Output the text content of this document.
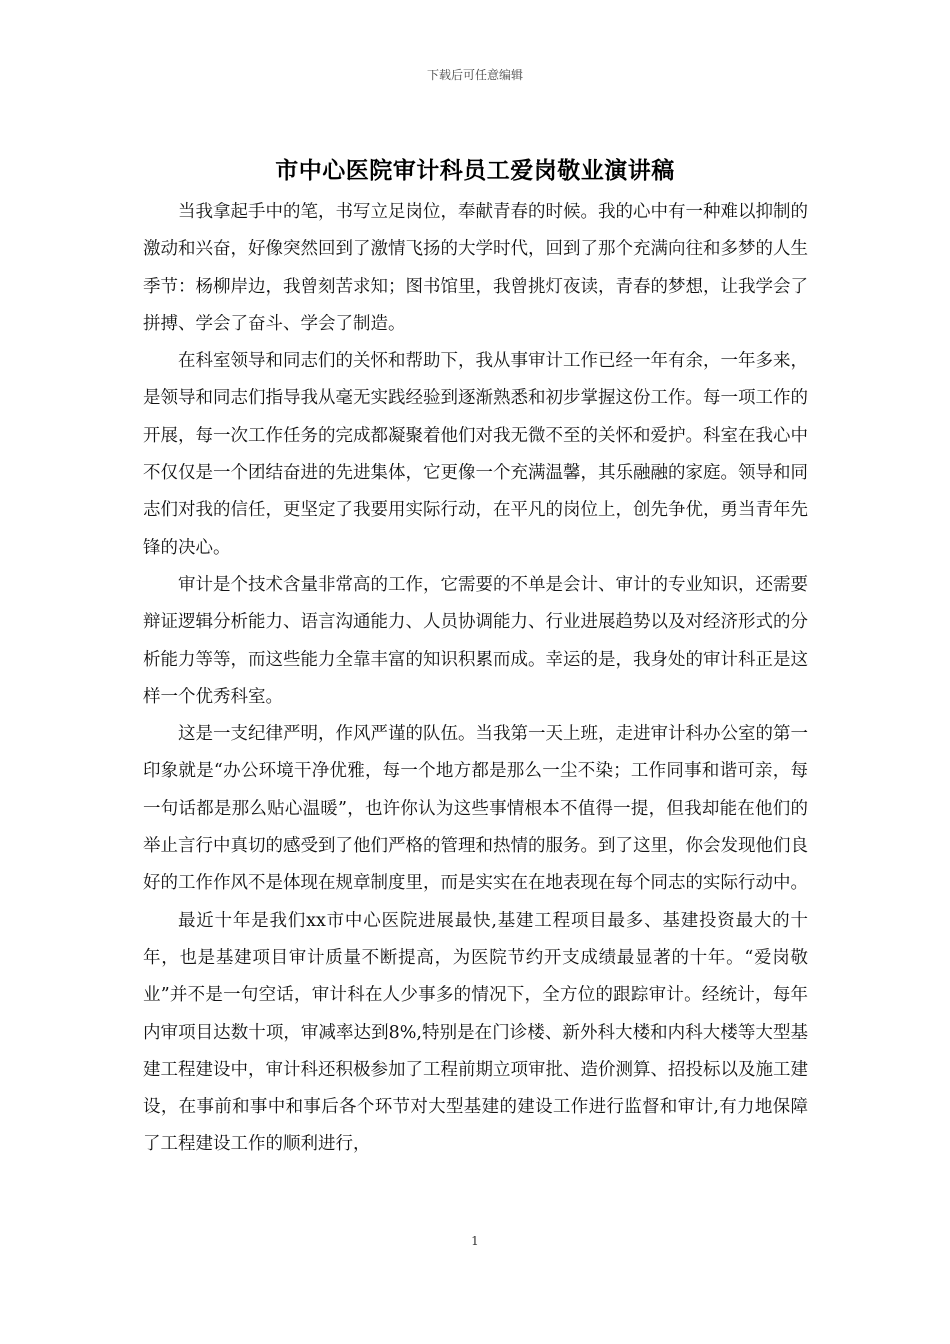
下载后可任意编辑
市中心医院审计科员工爱岗敬业演讲稿

当我拿起手中的笔，书写立足岗位，奉献青春的时候。我的心中有一种难以抑制的激动和兴奋，好像突然回到了激情飞扬的大学时代，回到了那个充满向往和多梦的人生季节：杨柳岸边，我曾刻苦求知；图书馆里，我曾挑灯夜读，青春的梦想，让我学会了拼搏、学会了奋斗、学会了制造。

在科室领导和同志们的关怀和帮助下，我从事审计工作已经一年有余，一年多来，是领导和同志们指导我从毫无实践经验到逐渐熟悉和初步掌握这份工作。每一项工作的开展，每一次工作任务的完成都凝聚着他们对我无微不至的关怀和爱护。科室在我心中不仅仅是一个团结奋进的先进集体，它更像一个充满温馨，其乐融融的家庭。领导和同志们对我的信任，更坚定了我要用实际行动，在平凡的岗位上，创先争优，勇当青年先锋的决心。

审计是个技术含量非常高的工作，它需要的不单是会计、审计的专业知识，还需要辩证逻辑分析能力、语言沟通能力、人员协调能力、行业进展趋势以及对经济形式的分析能力等等，而这些能力全靠丰富的知识积累而成。幸运的是，我身处的审计科正是这样一个优秀科室。

这是一支纪律严明，作风严谨的队伍。当我第一天上班，走进审计科办公室的第一印象就是“办公环境干净优雅，每一个地方都是那么一尘不染；工作同事和谐可亲，每一句话都是那么贴心温暖”，也许你认为这些事情根本不值得一提，但我却能在他们的举止言行中真切的感受到了他们严格的管理和热情的服务。到了这里，你会发现他们良好的工作作风不是体现在规章制度里，而是实实在在地表现在每个同志的实际行动中。

最近十年是我们xx市中心医院进展最快,基建工程项目最多、基建投资最大的十年，也是基建项目审计质量不断提高，为医院节约开支成绩最显著的十年。“爱岗敬业”并不是一句空话，审计科在人少事多的情况下，全方位的跟踪审计。经统计，每年内审项目达数十项，审减率达到8%,特别是在门诊楼、新外科大楼和内科大楼等大型基建工程建设中，审计科还积极参加了工程前期立项审批、造价测算、招投标以及施工建设，在事前和事中和事后各个环节对大型基建的建设工作进行监督和审计,有力地保障了工程建设工作的顺利进行，

1
